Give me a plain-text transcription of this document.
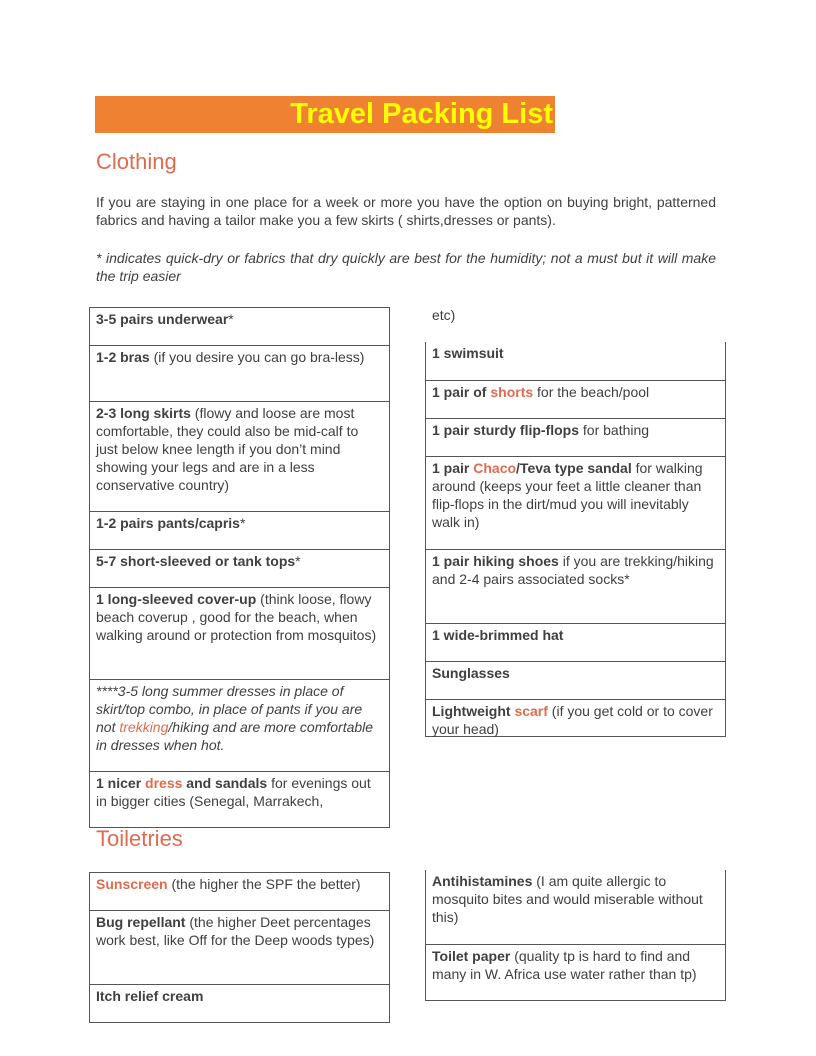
Travel Packing List
Clothing
If you are staying in one place for a week or more you have the option on buying bright, patterned fabrics and having a tailor make you a few skirts ( shirts,dresses or pants).
* indicates quick-dry or fabrics that dry quickly are best for the humidity; not a must but it will make the trip easier
3-5 pairs underwear*
1-2 bras (if you desire you can go bra-less)
2-3 long skirts (flowy and loose are most comfortable, they could also be mid-calf to just below knee length if you don’t mind showing your legs and are in a less conservative country)
1-2 pairs pants/capris*
5-7 short-sleeved or tank tops*
1 long-sleeved cover-up (think loose, flowy beach coverup , good for the beach, when walking around or protection from mosquitos)
****3-5 long summer dresses in place of skirt/top combo, in place of pants if you are not trekking/hiking and are more comfortable in dresses when hot.
1 nicer dress and sandals for evenings out in bigger cities (Senegal, Marrakech,
etc)
1 swimsuit
1 pair of shorts for the beach/pool
1 pair sturdy flip-flops for bathing
1 pair Chaco/Teva type sandal for walking around (keeps your feet a little cleaner than flip-flops in the dirt/mud you will inevitably walk in)
1 pair hiking shoes if you are trekking/hiking and 2-4 pairs associated socks*
1 wide-brimmed hat
Sunglasses
Lightweight scarf (if you get cold or to cover your head)
Toiletries
Sunscreen (the higher the SPF the better)
Bug repellant (the higher Deet percentages work best, like Off for the Deep woods types)
Itch relief cream
Antihistamines (I am quite allergic to mosquito bites and would miserable without this)
Toilet paper (quality tp is hard to find and many in W. Africa use water rather than tp)
